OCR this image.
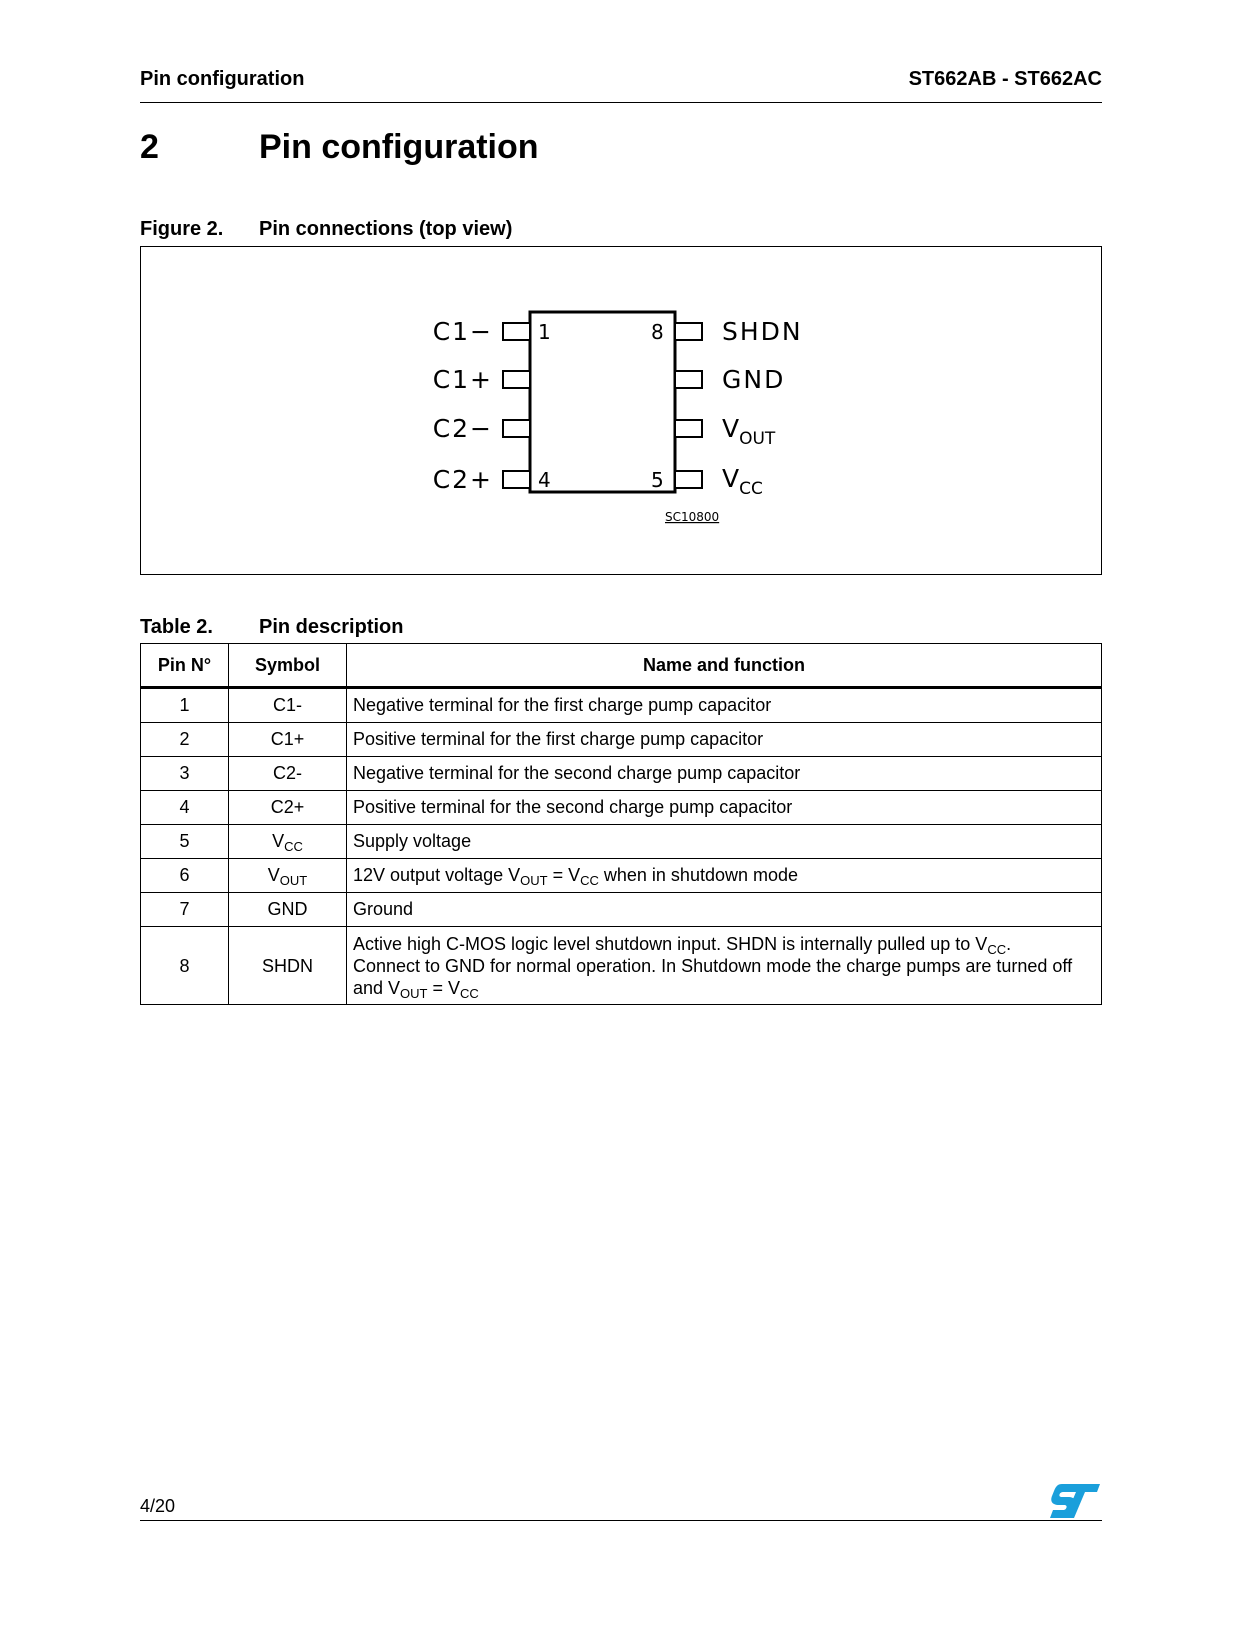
Pin configuration	ST662AB - ST662AC
2	Pin configuration
Figure 2. Pin connections (top view)
1	8
4	5
C1−
C1+
C2−
C2+
SHDN
GND
$V_{OUT}$
$V_{CC}$
SC10800
Table 2. Pin description
Pin N°	Symbol	Name and function
1	C1-	Negative terminal for the first charge pump capacitor
2	C1+	Positive terminal for the first charge pump capacitor
3	C2-	Negative terminal for the second charge pump capacitor
4	C2+	Positive terminal for the second charge pump capacitor
5	$V_{CC}$	Supply voltage
6	$V_{OUT}$	12V output voltage $V_{OUT} = V_{CC}$ when in shutdown mode
7	GND	Ground
8	SHDN	Active high C-MOS logic level shutdown input. SHDN is internally pulled up to $V_{CC}$.
Connect to GND for normal operation. In Shutdown mode the charge pumps are turned off and $V_{OUT} = V_{CC}$
4/20
